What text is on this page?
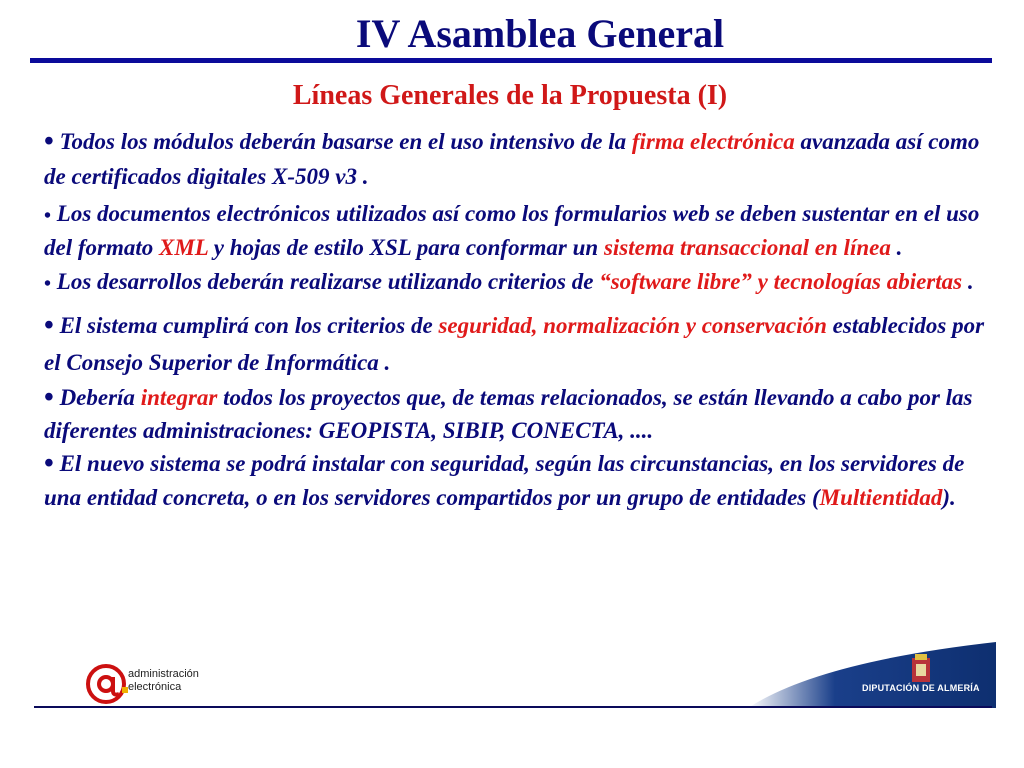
IV Asamblea General
Líneas Generales de la Propuesta (I)

• Todos los módulos deberán basarse en el uso intensivo de la firma electrónica avanzada así como de certificados digitales X-509 v3 .

• Los documentos electrónicos utilizados así como los formularios web se deben sustentar en el uso del formato XML y hojas de estilo XSL para conformar un sistema transaccional en línea .

• Los desarrollos deberán realizarse utilizando criterios de “software libre” y tecnologías abiertas .

• El sistema cumplirá con los criterios de seguridad, normalización y conservación establecidos por el Consejo Superior de Informática .

• Debería integrar todos los proyectos que, de temas relacionados, se están llevando a cabo por las diferentes administraciones: GEOPISTA, SIBIP, CONECTA, ....

• El nuevo sistema se podrá instalar con seguridad, según las circunstancias, en los servidores de una entidad concreta, o en los servidores compartidos por un grupo de entidades (Multientidad).

administración
electrónica	DIPUTACIÓN DE ALMERÍA
